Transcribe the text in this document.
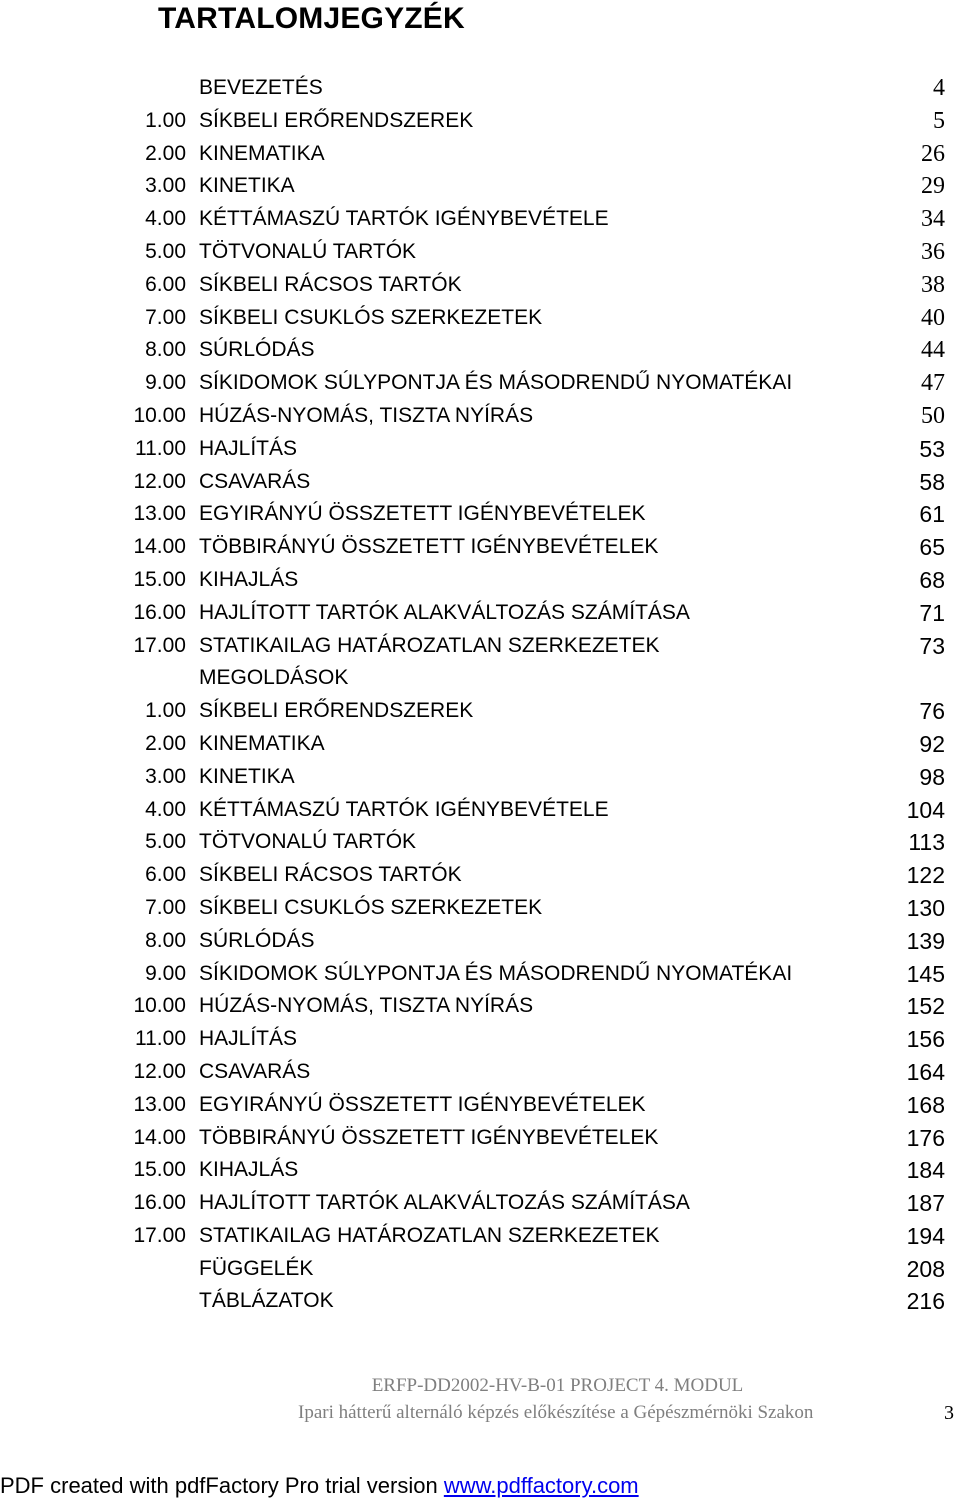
TARTALOMJEGYZÉK
BEVEZETÉS	4
1.00 SÍKBELI ERŐRENDSZEREK	5
2.00 KINEMATIKA	26
3.00 KINETIKA	29
4.00 KÉTTÁMASZÚ TARTÓK IGÉNYBEVÉTELE	34
5.00 TÖTVONALÚ TARTÓK	36
6.00 SÍKBELI RÁCSOS TARTÓK	38
7.00 SÍKBELI CSUKLÓS SZERKEZETEK	40
8.00 SÚRLÓDÁS	44
9.00 SÍKIDOMOK SÚLYPONTJA ÉS MÁSODRENDŰ NYOMATÉKAI	47
10.00 HÚZÁS-NYOMÁS, TISZTA NYÍRÁS	50
11.00 HAJLÍTÁS	53
12.00 CSAVARÁS	58
13.00 EGYIRÁNYÚ ÖSSZETETT IGÉNYBEVÉTELEK	61
14.00 TÖBBIRÁNYÚ ÖSSZETETT IGÉNYBEVÉTELEK	65
15.00 KIHAJLÁS	68
16.00 HAJLÍTOTT TARTÓK ALAKVÁLTOZÁS SZÁMÍTÁSA	71
17.00 STATIKAILAG HATÁROZATLAN SZERKEZETEK	73
MEGOLDÁSOK
1.00 SÍKBELI ERŐRENDSZEREK	76
2.00 KINEMATIKA	92
3.00 KINETIKA	98
4.00 KÉTTÁMASZÚ TARTÓK IGÉNYBEVÉTELE	104
5.00 TÖTVONALÚ TARTÓK	113
6.00 SÍKBELI RÁCSOS TARTÓK	122
7.00 SÍKBELI CSUKLÓS SZERKEZETEK	130
8.00 SÚRLÓDÁS	139
9.00 SÍKIDOMOK SÚLYPONTJA ÉS MÁSODRENDŰ NYOMATÉKAI	145
10.00 HÚZÁS-NYOMÁS, TISZTA NYÍRÁS	152
11.00 HAJLÍTÁS	156
12.00 CSAVARÁS	164
13.00 EGYIRÁNYÚ ÖSSZETETT IGÉNYBEVÉTELEK	168
14.00 TÖBBIRÁNYÚ ÖSSZETETT IGÉNYBEVÉTELEK	176
15.00 KIHAJLÁS	184
16.00 HAJLÍTOTT TARTÓK ALAKVÁLTOZÁS SZÁMÍTÁSA	187
17.00 STATIKAILAG HATÁROZATLAN SZERKEZETEK	194
FÜGGELÉK	208
TÁBLÁZATOK	216
ERFP-DD2002-HV-B-01 PROJECT 4. MODUL
Ipari hátterű alternáló képzés előkészítése a Gépészmérnöki Szakon	3
PDF created with pdfFactory Pro trial version www.pdffactory.com
